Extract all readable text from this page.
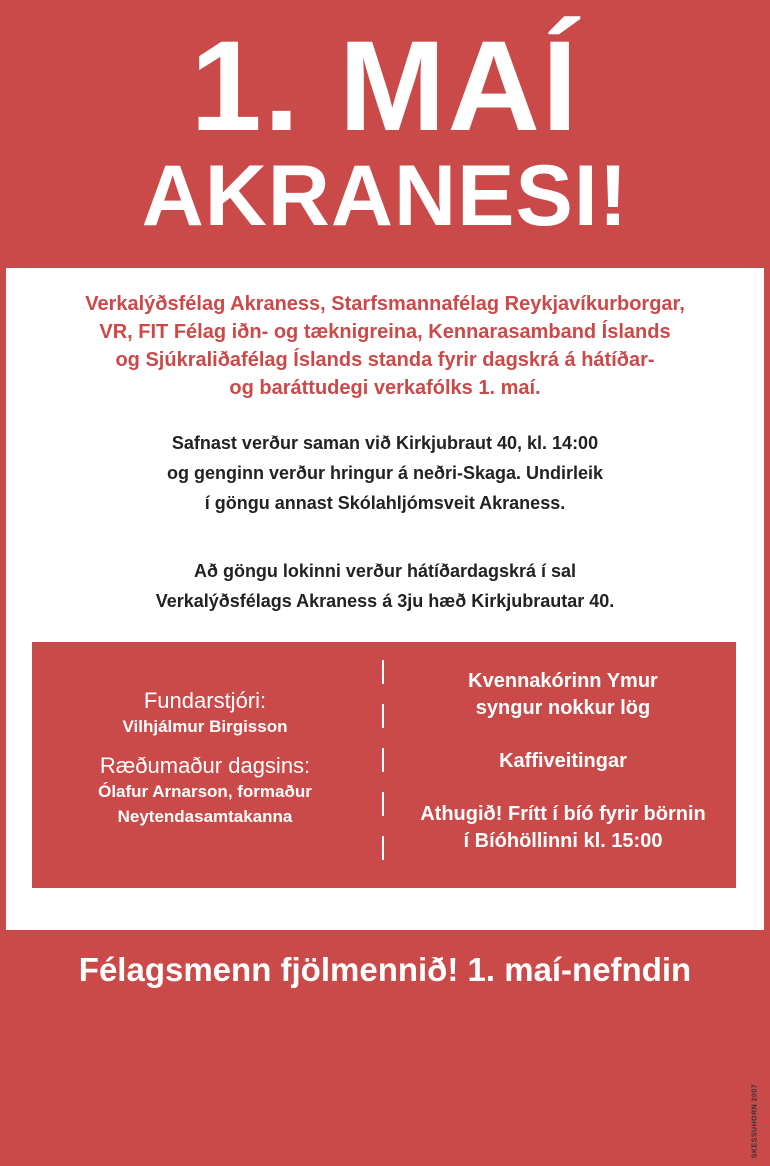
1. MAÍ
AKRANESI!
Verkalýðsfélag Akraness, Starfsmannafélag Reykjavíkurborgar,
VR, FIT Félag iðn- og tæknigreina, Kennarasamband Íslands
og Sjúkraliðafélag Íslands standa fyrir dagskrá á hátíðar-
og baráttudegi verkafólks 1. maí.
Safnast verður saman við Kirkjubraut 40, kl. 14:00
og genginn verður hringur á neðri-Skaga. Undirleik
í göngu annast Skólahljómsveit Akraness.
Að göngu lokinni verður hátíðardagskrá í sal
Verkalýðsfélags Akraness á 3ju hæð Kirkjubrautar 40.
Fundarstjóri:
Vilhjálmur Birgisson
Ræðumaður dagsins:
Ólafur Arnarson, formaður
Neytendasamtakanna
Kvennakórinn Ymur
syngur nokkur lög
Kaffiveitingar
Athugið! Frítt í bíó fyrir börnin
í Bíóhöllinni kl. 15:00
SKESSUHORN 2007
Félagsmenn fjölmennið! 1. maí-nefndin
